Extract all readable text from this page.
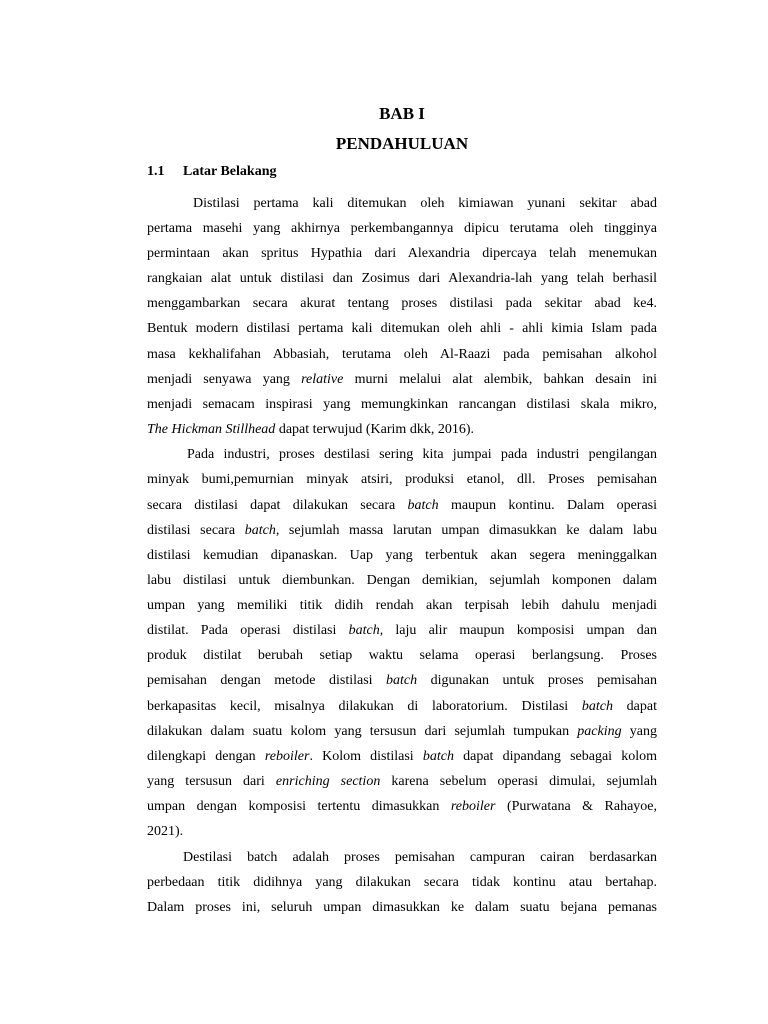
BAB I
PENDAHULUAN
1.1 Latar Belakang
Distilasi pertama kali ditemukan oleh kimiawan yunani sekitar abad
pertama masehi yang akhirnya perkembangannya dipicu terutama oleh tingginya
permintaan akan spritus Hypathia dari Alexandria dipercaya telah menemukan
rangkaian alat untuk distilasi dan Zosimus dari Alexandria-lah yang telah berhasil
menggambarkan secara akurat tentang proses distilasi pada sekitar abad ke4.
Bentuk modern distilasi pertama kali ditemukan oleh ahli - ahli kimia Islam pada
masa kekhalifahan Abbasiah, terutama oleh Al-Raazi pada pemisahan alkohol
menjadi senyawa yang relative murni melalui alat alembik, bahkan desain ini
menjadi semacam inspirasi yang memungkinkan rancangan distilasi skala mikro,
The Hickman Stillhead dapat terwujud (Karim dkk, 2016).
Pada industri, proses destilasi sering kita jumpai pada industri pengilangan
minyak bumi,pemurnian minyak atsiri, produksi etanol, dll. Proses pemisahan
secara distilasi dapat dilakukan secara batch maupun kontinu. Dalam operasi
distilasi secara batch, sejumlah massa larutan umpan dimasukkan ke dalam labu
distilasi kemudian dipanaskan. Uap yang terbentuk akan segera meninggalkan
labu distilasi untuk diembunkan. Dengan demikian, sejumlah komponen dalam
umpan yang memiliki titik didih rendah akan terpisah lebih dahulu menjadi
distilat. Pada operasi distilasi batch, laju alir maupun komposisi umpan dan
produk distilat berubah setiap waktu selama operasi berlangsung. Proses
pemisahan dengan metode distilasi batch digunakan untuk proses pemisahan
berkapasitas kecil, misalnya dilakukan di laboratorium. Distilasi batch dapat
dilakukan dalam suatu kolom yang tersusun dari sejumlah tumpukan packing yang
dilengkapi dengan reboiler. Kolom distilasi batch dapat dipandang sebagai kolom
yang tersusun dari enriching section karena sebelum operasi dimulai, sejumlah
umpan dengan komposisi tertentu dimasukkan reboiler (Purwatana & Rahayoe,
2021).
Destilasi batch adalah proses pemisahan campuran cairan berdasarkan
perbedaan titik didihnya yang dilakukan secara tidak kontinu atau bertahap.
Dalam proses ini, seluruh umpan dimasukkan ke dalam suatu bejana pemanas
